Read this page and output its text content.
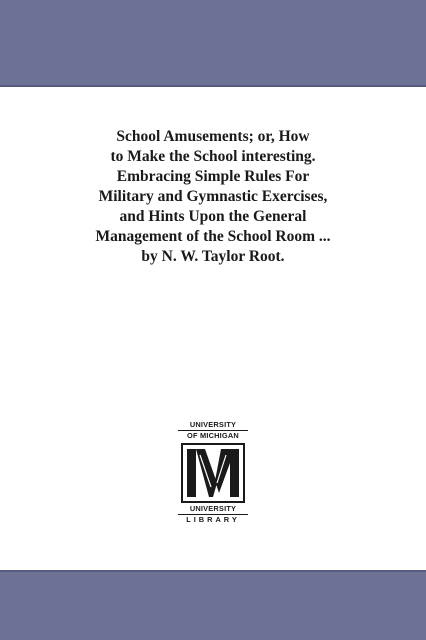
School Amusements; or, How
to Make the School interesting.
Embracing Simple Rules For
Military and Gymnastic Exercises,
and Hints Upon the General
Management of the School Room ...
by N. W. Taylor Root.
UNIVERSITY
OF MICHIGAN
UNIVERSITY
LIBRARY
